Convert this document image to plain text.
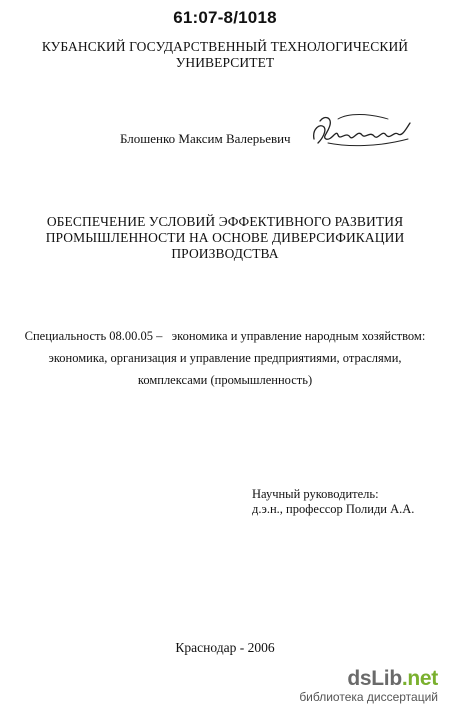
61:07-8/1018
КУБАНСКИЙ ГОСУДАРСТВЕННЫЙ ТЕХНОЛОГИЧЕСКИЙ
УНИВЕРСИТЕТ
Блошенко Максим Валерьевич
ОБЕСПЕЧЕНИЕ УСЛОВИЙ ЭФФЕКТИВНОГО РАЗВИТИЯ
ПРОМЫШЛЕННОСТИ НА ОСНОВЕ ДИВЕРСИФИКАЦИИ
ПРОИЗВОДСТВА
Специальность 08.00.05 –   экономика и управление народным хозяйством:
экономика, организация и управление предприятиями, отраслями,
комплексами (промышленность)
Научный руководитель:
д.э.н., профессор Полиди А.А.
Краснодар - 2006
dsLib.net
библиотека диссертаций
